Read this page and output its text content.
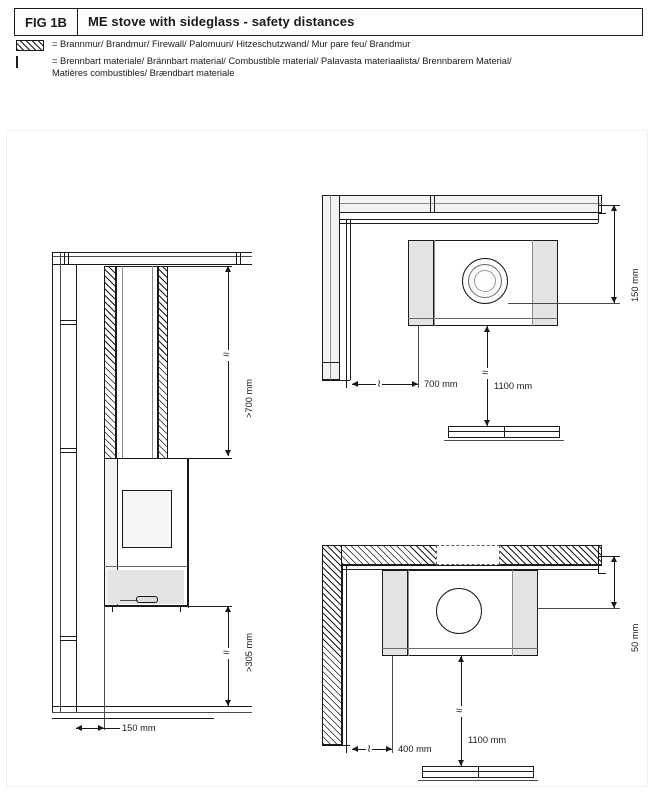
FIG 1B	ME stove with sideglass - safety distances
= Brannmur/ Brandmur/ Firewall/ Palomuuri/ Hitzeschutzwand/ Mur pare feu/ Brandmur
= Brennbart materiale/ Brännbart material/ Combustible material/ Palavasta materiaalista/ Brennbarem Material/
Matières combustibles/ Brændbart materiale
≈
>700 mm
≈ >305 mm
150 mm
150 mm
≀	700 mm
≈
1100 mm
50 mm
≀	400 mm
≈
1100 mm
